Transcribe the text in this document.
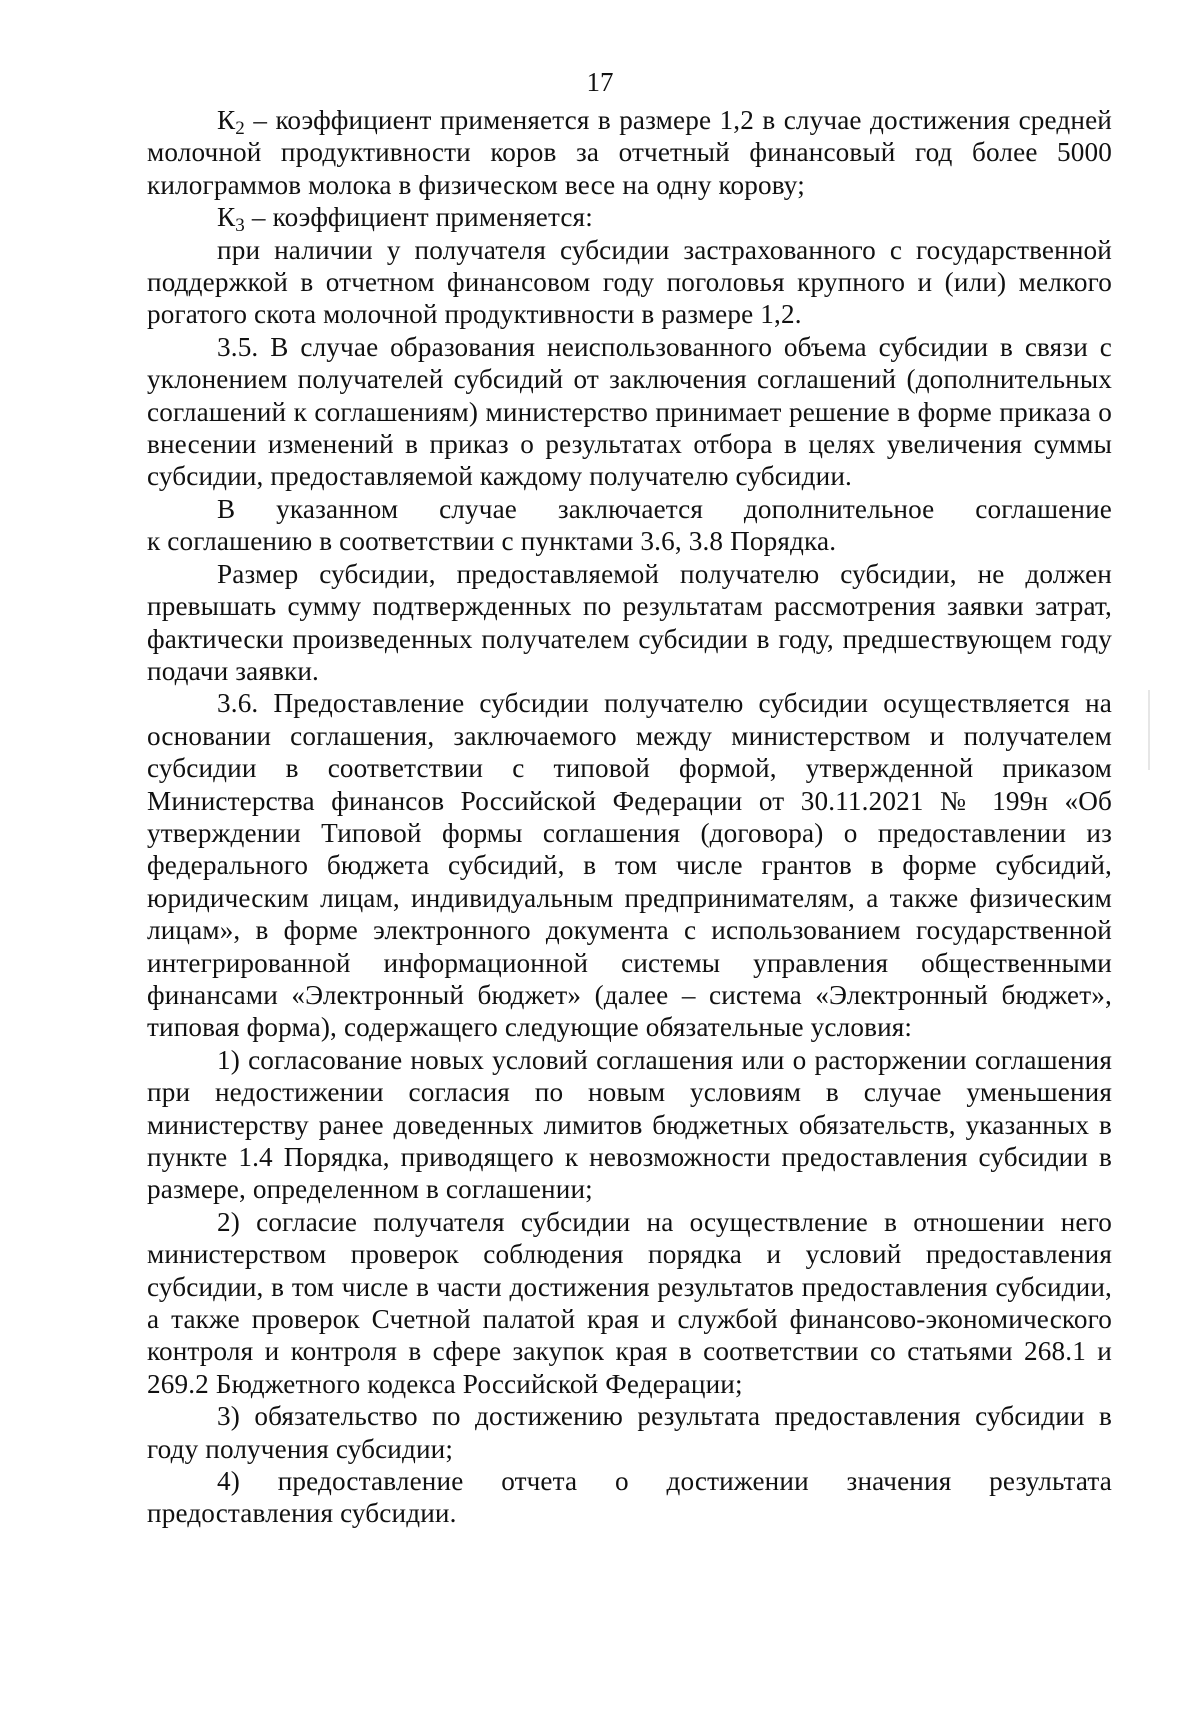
17

$К_2$ – коэффициент применяется в размере 1,2 в случае достижения средней молочной продуктивности коров за отчетный финансовый год более 5000 килограммов молока в физическом весе на одну корову;

$К_3$ – коэффициент применяется:

при наличии у получателя субсидии застрахованного с государственной поддержкой в отчетном финансовом году поголовья крупного и (или) мелкого рогатого скота молочной продуктивности в размере 1,2.

3.5. В случае образования неиспользованного объема субсидии в связи с уклонением получателей субсидий от заключения соглашений (дополнительных соглашений к соглашениям) министерство принимает решение в форме приказа о внесении изменений в приказ о результатах отбора в целях увеличения суммы субсидии, предоставляемой каждому получателю субсидии.

В указанном случае заключается дополнительное соглашение

к соглашению в соответствии с пунктами 3.6, 3.8 Порядка.

Размер субсидии, предоставляемой получателю субсидии, не должен превышать сумму подтвержденных по результатам рассмотрения заявки затрат, фактически произведенных получателем субсидии в году, предшествующем году подачи заявки.

3.6. Предоставление субсидии получателю субсидии осуществляется на основании соглашения, заключаемого между министерством и получателем субсидии в соответствии с типовой формой, утвержденной приказом Министерства финансов Российской Федерации от 30.11.2021 № 199н «Об утверждении Типовой формы соглашения (договора) о предоставлении из федерального бюджета субсидий, в том числе грантов в форме субсидий, юридическим лицам, индивидуальным предпринимателям, а также физическим лицам», в форме электронного документа с использованием государственной интегрированной информационной системы управления общественными финансами «Электронный бюджет» (далее – система «Электронный бюджет», типовая форма), содержащего следующие обязательные условия:

1) согласование новых условий соглашения или о расторжении соглашения при недостижении согласия по новым условиям в случае уменьшения министерству ранее доведенных лимитов бюджетных обязательств, указанных в пункте 1.4 Порядка, приводящего к невозможности предоставления субсидии в размере, определенном в соглашении;

2) согласие получателя субсидии на осуществление в отношении него министерством проверок соблюдения порядка и условий предоставления субсидии, в том числе в части достижения результатов предоставления субсидии, а также проверок Счетной палатой края и службой финансово-экономического контроля и контроля в сфере закупок края в соответствии со статьями 268.1 и 269.2 Бюджетного кодекса Российской Федерации;

3) обязательство по достижению результата предоставления субсидии в году получения субсидии;

4) предоставление отчета о достижении значения результата

предоставления субсидии.
